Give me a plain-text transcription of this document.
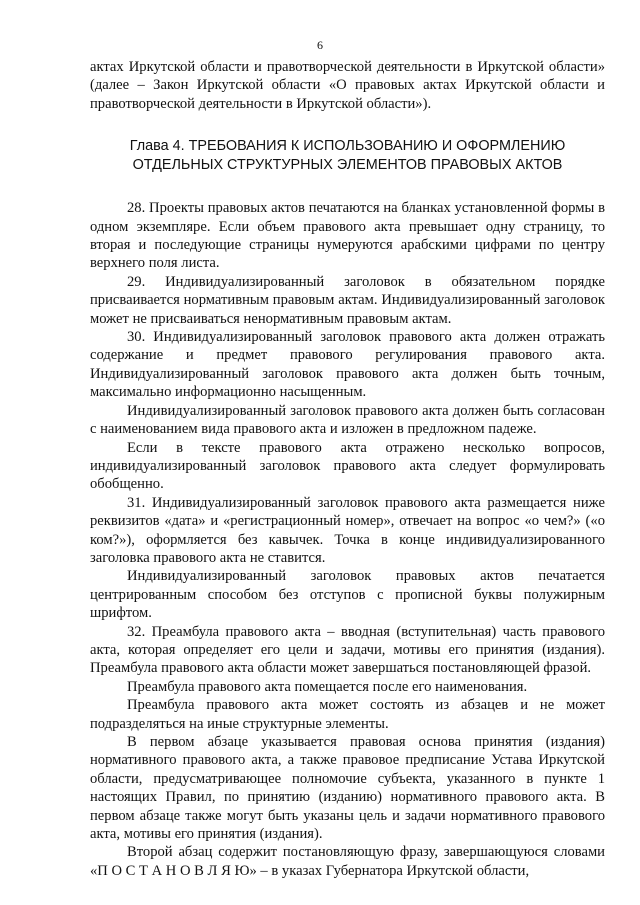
6

актах Иркутской области и правотворческой деятельности в Иркутской области» (далее – Закон Иркутской области «О правовых актах Иркутской области и правотворческой деятельности в Иркутской области»).

Глава 4. ТРЕБОВАНИЯ К ИСПОЛЬЗОВАНИЮ И ОФОРМЛЕНИЮ
ОТДЕЛЬНЫХ СТРУКТУРНЫХ ЭЛЕМЕНТОВ ПРАВОВЫХ АКТОВ

28. Проекты правовых актов печатаются на бланках установленной формы в одном экземпляре. Если объем правового акта превышает одну страницу, то вторая и последующие страницы нумеруются арабскими цифрами по центру верхнего поля листа.

29. Индивидуализированный заголовок в обязательном порядке присваивается нормативным правовым актам. Индивидуализированный заголовок может не присваиваться ненормативным правовым актам.

30. Индивидуализированный заголовок правового акта должен отражать содержание и предмет правового регулирования правового акта. Индивидуализированный заголовок правового акта должен быть точным, максимально информационно насыщенным.

Индивидуализированный заголовок правового акта должен быть согласован с наименованием вида правового акта и изложен в предложном падеже.

Если в тексте правового акта отражено несколько вопросов, индивидуализированный заголовок правового акта следует формулировать обобщенно.

31. Индивидуализированный заголовок правового акта размещается ниже реквизитов «дата» и «регистрационный номер», отвечает на вопрос «о чем?» («о ком?»), оформляется без кавычек. Точка в конце индивидуализированного заголовка правового акта не ставится.

Индивидуализированный заголовок правовых актов печатается центрированным способом без отступов с прописной буквы полужирным шрифтом.

32. Преамбула правового акта – вводная (вступительная) часть правового акта, которая определяет его цели и задачи, мотивы его принятия (издания). Преамбула правового акта области может завершаться постановляющей фразой.

Преамбула правового акта помещается после его наименования.

Преамбула правового акта может состоять из абзацев и не может подразделяться на иные структурные элементы.

В первом абзаце указывается правовая основа принятия (издания) нормативного правового акта, а также правовое предписание Устава Иркутской области, предусматривающее полномочие субъекта, указанного в пункте 1 настоящих Правил, по принятию (изданию) нормативного правового акта. В первом абзаце также могут быть указаны цель и задачи нормативного правового акта, мотивы его принятия (издания).

Второй абзац содержит постановляющую фразу, завершающуюся словами «П О С Т А Н О В Л Я Ю» – в указах Губернатора Иркутской области,
